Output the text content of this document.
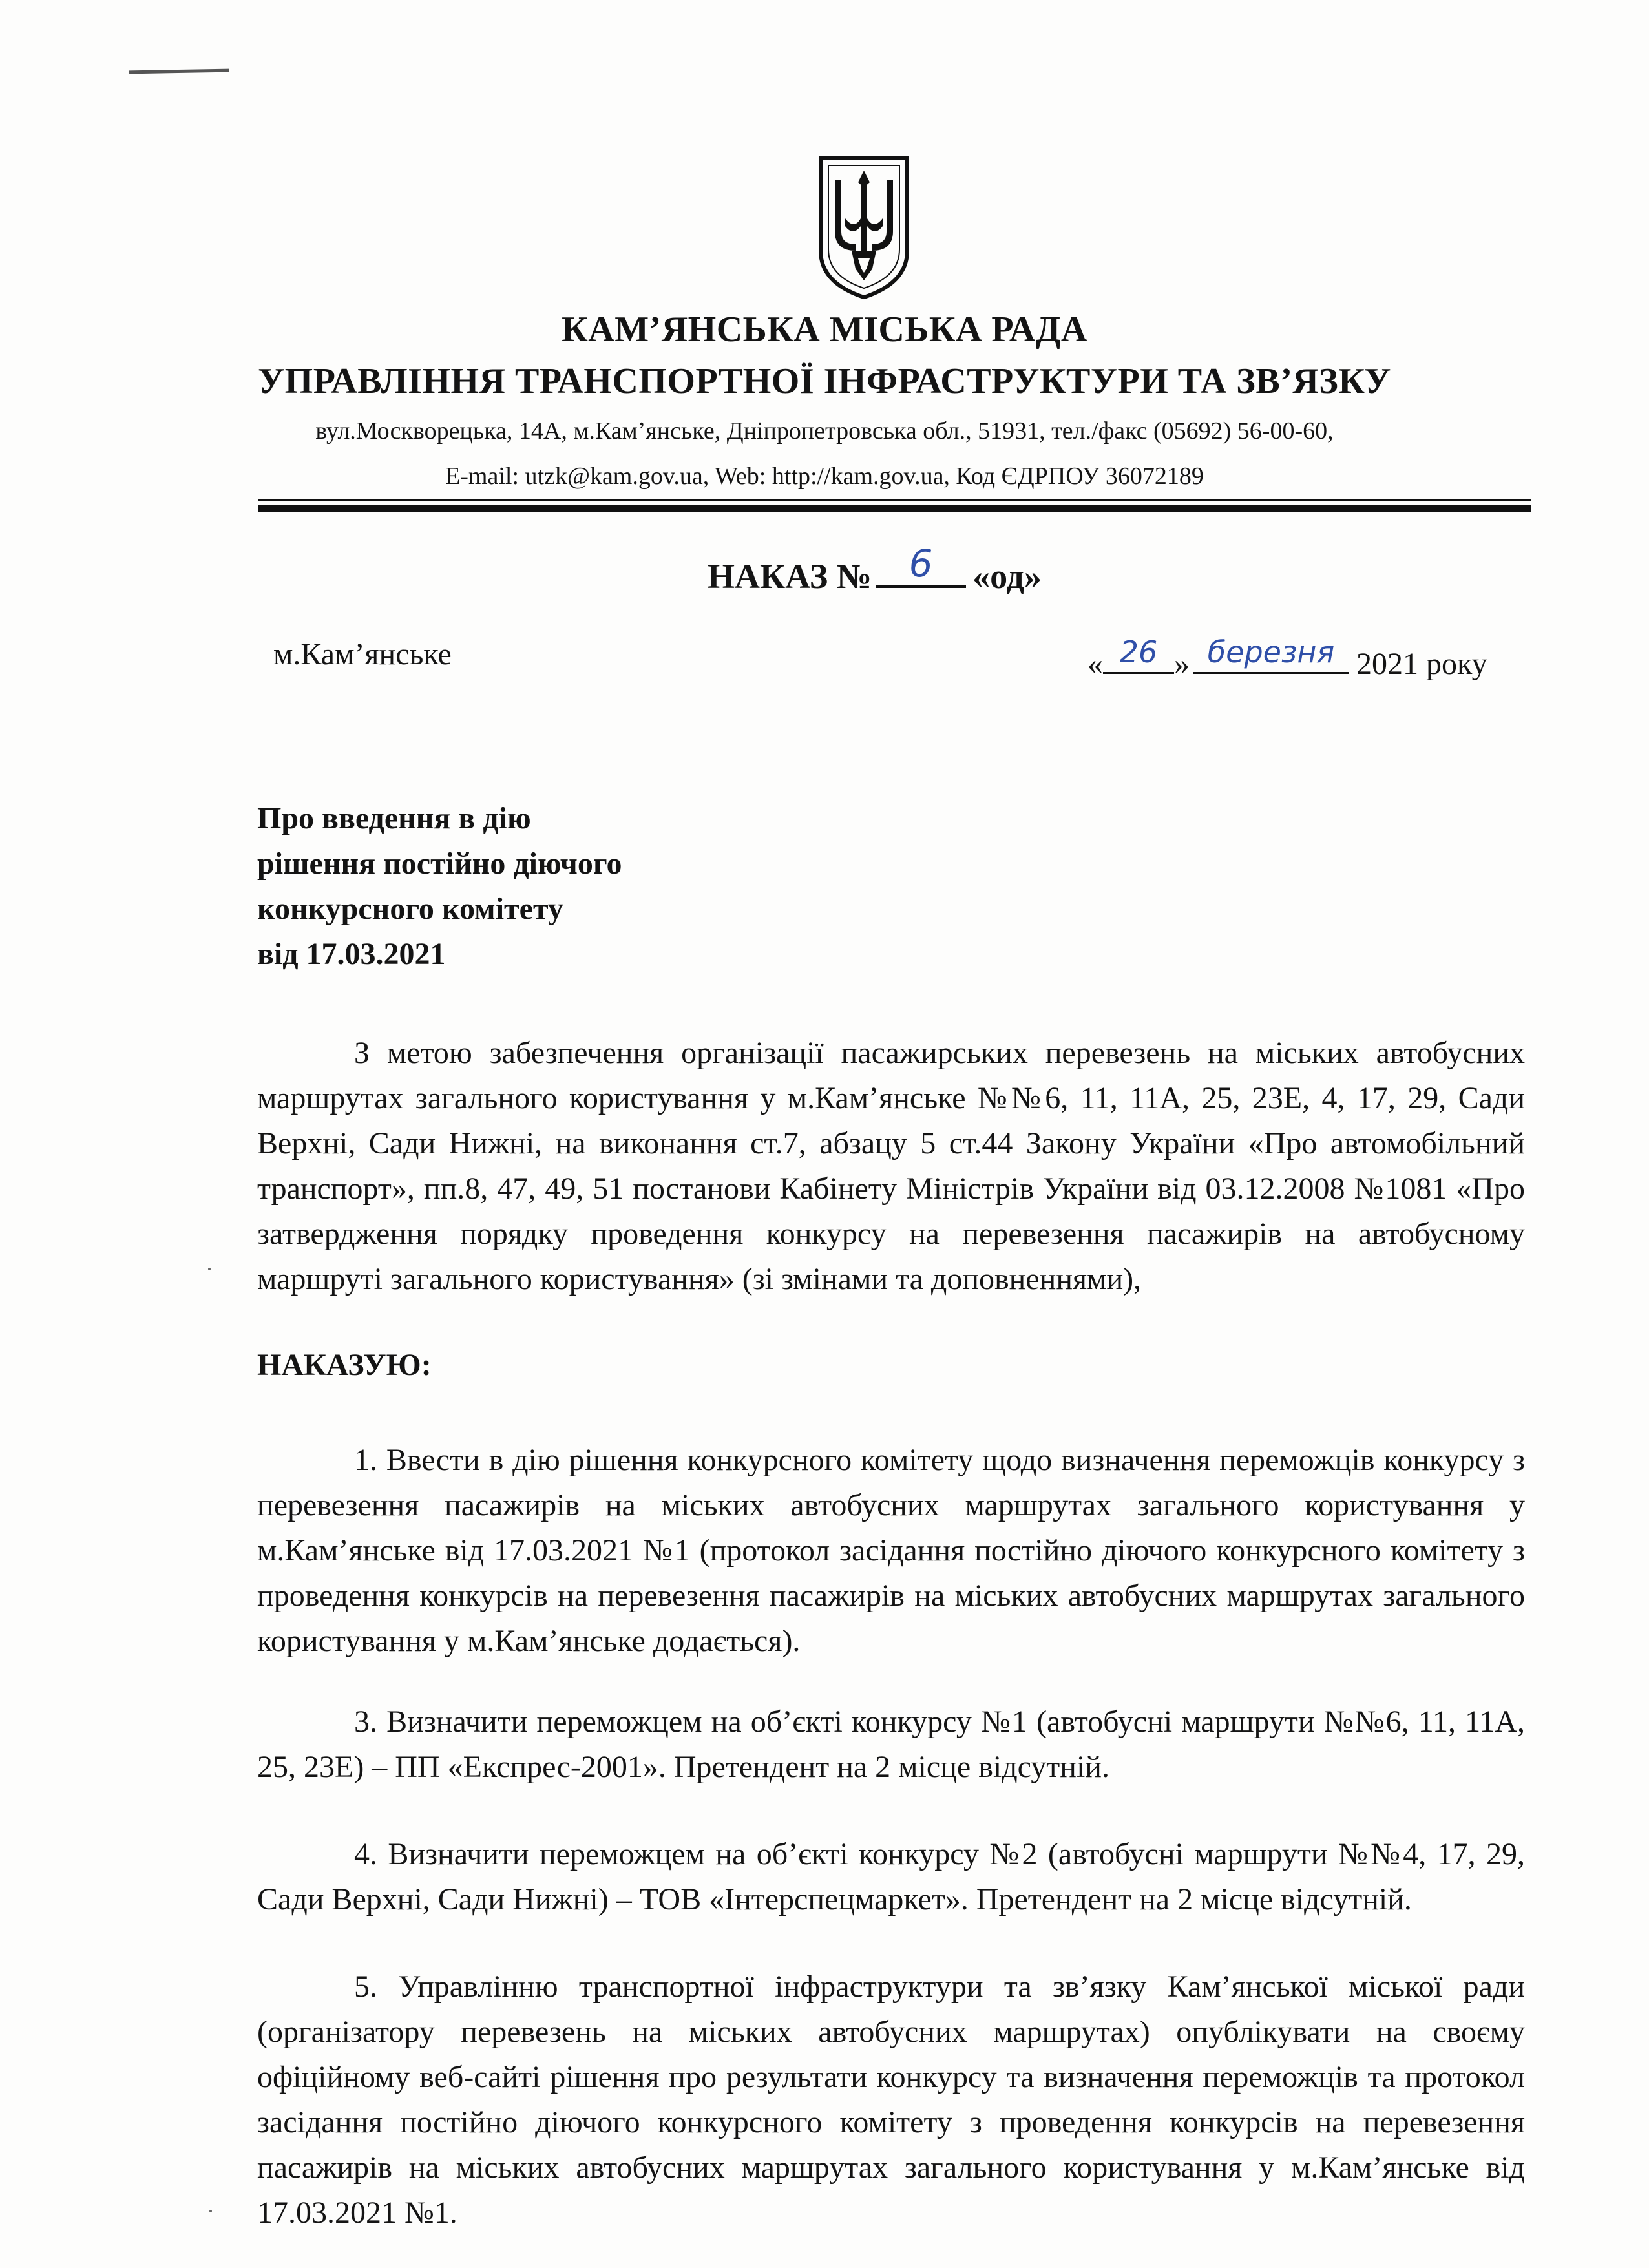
КАМ’ЯНСЬКА МІСЬКА РАДА
УПРАВЛІННЯ ТРАНСПОРТНОЇ ІНФРАСТРУКТУРИ ТА ЗВ’ЯЗКУ
вул.Москворецька, 14А, м.Кам’янське, Дніпропетровська обл., 51931, тел./факс (05692) 56-00-60,
E-mail: utzk@kam.gov.ua, Web: http://kam.gov.ua, Код ЄДРПОУ 36072189
НАКАЗ № 6	«од»
м.Кам’янське	« 26 » березня 2021 року
Про введення в дію
рішення постійно діючого
конкурсного комітету
від 17.03.2021
З метою забезпечення організації пасажирських перевезень на міських автобусних маршрутах загального користування у м.Кам’янське №№6, 11, 11А, 25, 23Е, 4, 17, 29, Сади Верхні, Сади Нижні, на виконання ст.7, абзацу 5 ст.44 Закону України «Про автомобільний транспорт», пп.8, 47, 49, 51 постанови Кабінету Міністрів України від 03.12.2008 №1081 «Про затвердження порядку проведення конкурсу на перевезення пасажирів на автобусному маршруті загального користування» (зі змінами та доповненнями),
НАКАЗУЮ:
1. Ввести в дію рішення конкурсного комітету щодо визначення переможців конкурсу з перевезення пасажирів на міських автобусних маршрутах загального користування у м.Кам’янське від 17.03.2021 №1 (протокол засідання постійно діючого конкурсного комітету з проведення конкурсів на перевезення пасажирів на міських автобусних маршрутах загального користування у м.Кам’янське додається).
3. Визначити переможцем на об’єкті конкурсу №1 (автобусні маршрути №№6, 11, 11А, 25, 23Е) – ПП «Експрес-2001». Претендент на 2 місце відсутній.
4. Визначити переможцем на об’єкті конкурсу №2 (автобусні маршрути №№4, 17, 29, Сади Верхні, Сади Нижні) – ТОВ «Інтерспецмаркет». Претендент на 2 місце відсутній.
5. Управлінню транспортної інфраструктури та зв’язку Кам’янської міської ради (організатору перевезень на міських автобусних маршрутах) опублікувати на своєму офіційному веб-сайті рішення про результати конкурсу та визначення переможців та протокол засідання постійно діючого конкурсного комітету з проведення конкурсів на перевезення пасажирів на міських автобусних маршрутах загального користування у м.Кам’янське від 17.03.2021 №1.
